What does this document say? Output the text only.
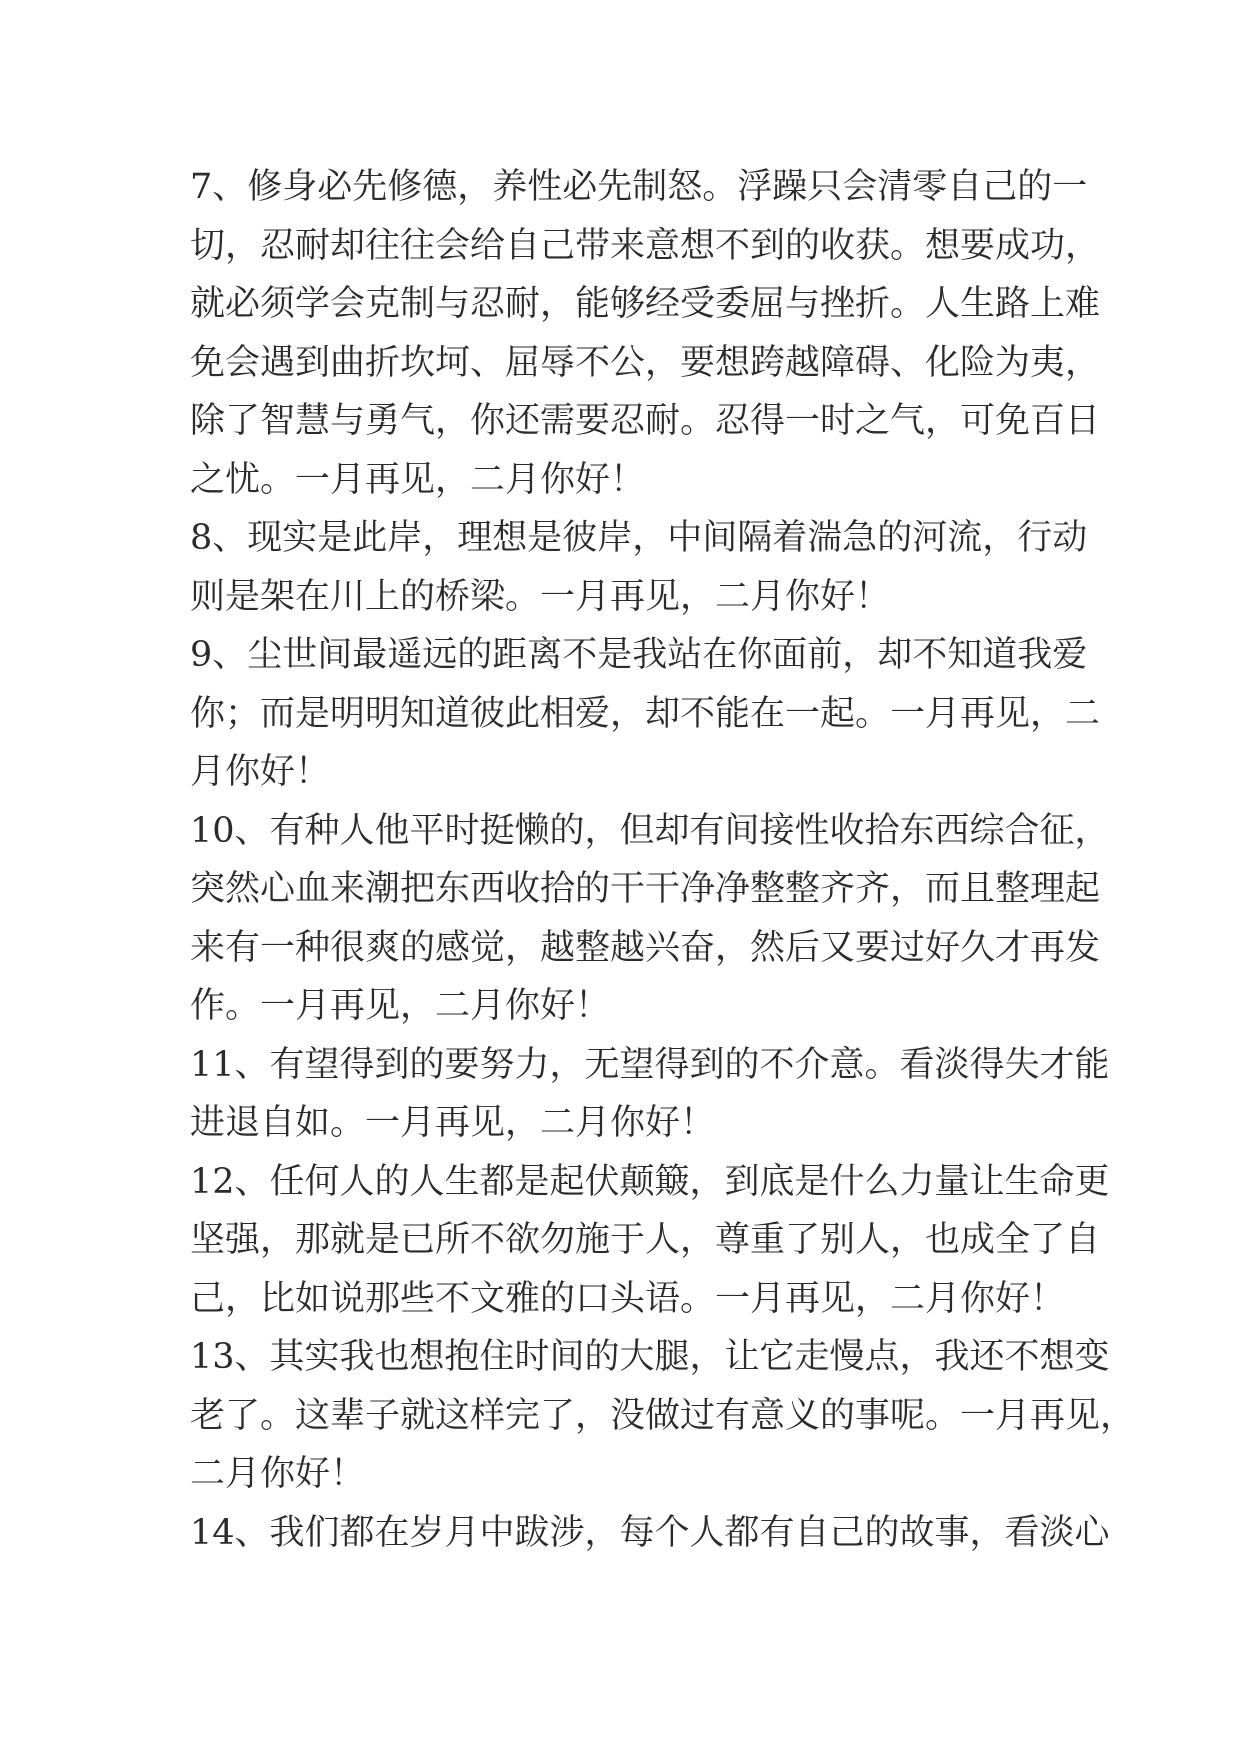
7、修身必先修德，养性必先制怒。浮躁只会清零自己的一
切，忍耐却往往会给自己带来意想不到的收获。想要成功，
就必须学会克制与忍耐，能够经受委屈与挫折。人生路上难
免会遇到曲折坎坷、屈辱不公，要想跨越障碍、化险为夷，
除了智慧与勇气，你还需要忍耐。忍得一时之气，可免百日
之忧。一月再见，二月你好！
8、现实是此岸，理想是彼岸，中间隔着湍急的河流，行动
则是架在川上的桥梁。一月再见，二月你好！
9、尘世间最遥远的距离不是我站在你面前，却不知道我爱
你；而是明明知道彼此相爱，却不能在一起。一月再见，二
月你好！
10、有种人他平时挺懒的，但却有间接性收拾东西综合征，
突然心血来潮把东西收拾的干干净净整整齐齐，而且整理起
来有一种很爽的感觉，越整越兴奋，然后又要过好久才再发
作。一月再见，二月你好！
11、有望得到的要努力，无望得到的不介意。看淡得失才能
进退自如。一月再见，二月你好！
12、任何人的人生都是起伏颠簸，到底是什么力量让生命更
坚强，那就是已所不欲勿施于人，尊重了别人，也成全了自
己，比如说那些不文雅的口头语。一月再见，二月你好！
13、其实我也想抱住时间的大腿，让它走慢点，我还不想变
老了。这辈子就这样完了，没做过有意义的事呢。一月再见，
二月你好！
14、我们都在岁月中跋涉，每个人都有自己的故事，看淡心
